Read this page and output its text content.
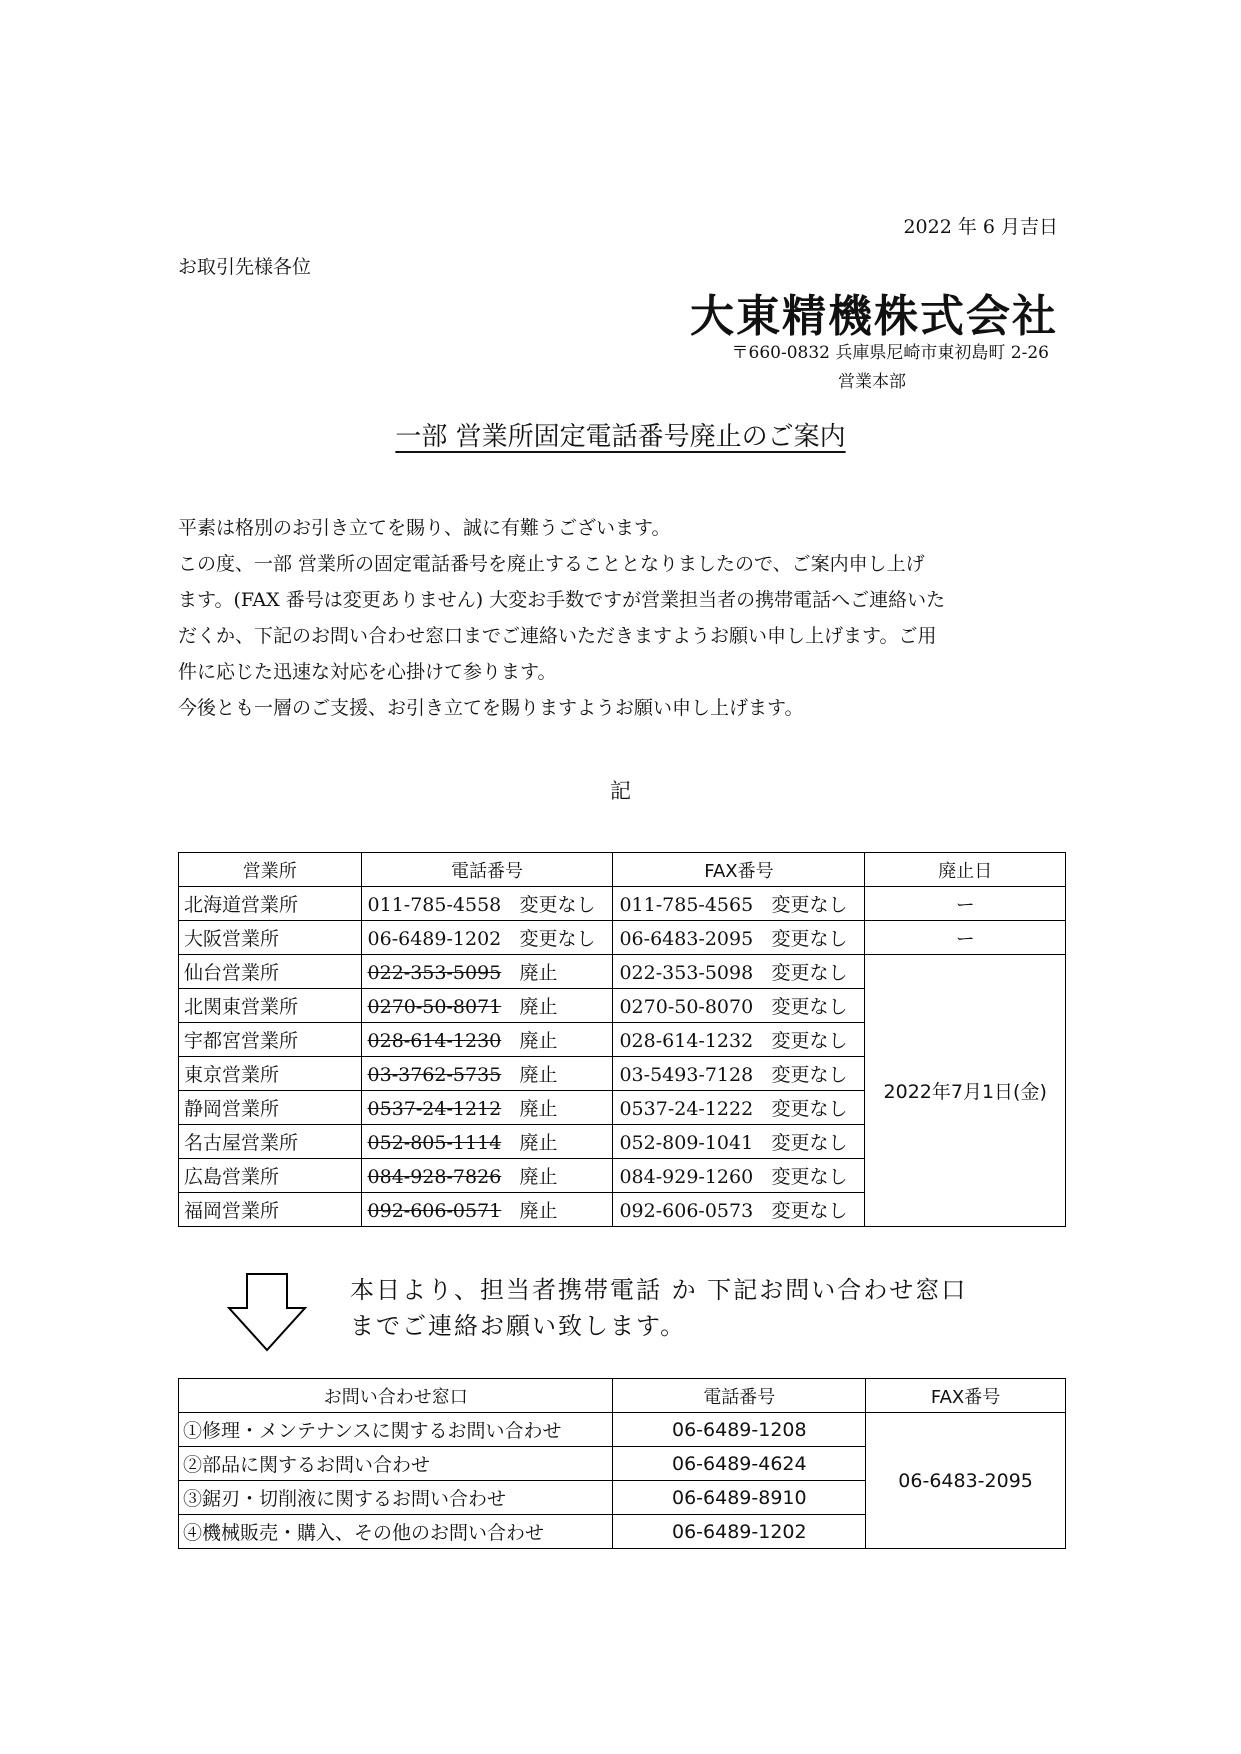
2022 年 6 月吉日
お取引先様各位
大東精機株式会社
〒660-0832 兵庫県尼崎市東初島町 2-26
営業本部
一部 営業所固定電話番号廃止のご案内

平素は格別のお引き立てを賜り、誠に有難うございます。

この度、一部 営業所の固定電話番号を廃止することとなりましたので、ご案内申し上げ

ます。(FAX 番号は変更ありません) 大変お手数ですが営業担当者の携帯電話へご連絡いた

だくか、下記のお問い合わせ窓口までご連絡いただきますようお願い申し上げます。ご用

件に応じた迅速な対応を心掛けて参ります。

今後とも一層のご支援、お引き立てを賜りますようお願い申し上げます。

記
営業所	電話番号	FAX番号	廃止日
北海道営業所	011-785-4558 変更なし	011-785-4565 変更なし	ー
大阪営業所	06-6489-1202 変更なし	06-6483-2095 変更なし	ー
仙台営業所	022-353-5095 廃止	022-353-5098 変更なし	2022年7月1日(金)
北関東営業所	0270-50-8071 廃止	0270-50-8070 変更なし	
宇都宮営業所	028-614-1230 廃止	028-614-1232 変更なし	
東京営業所	03-3762-5735 廃止	03-5493-7128 変更なし	
静岡営業所	0537-24-1212 廃止	0537-24-1222 変更なし	
名古屋営業所	052-805-1114 廃止	052-809-1041 変更なし	
広島営業所	084-928-7826 廃止	084-929-1260 変更なし	
福岡営業所	092-606-0571 廃止	092-606-0573 変更なし	
本日より、担当者携帯電話 か 下記お問い合わせ窓口
までご連絡お願い致します。
お問い合わせ窓口	電話番号	FAX番号
①修理・メンテナンスに関するお問い合わせ	06-6489-1208	06-6483-2095
②部品に関するお問い合わせ	06-6489-4624	
③鋸刃・切削液に関するお問い合わせ	06-6489-8910	
④機械販売・購入、その他のお問い合わせ	06-6489-1202	
